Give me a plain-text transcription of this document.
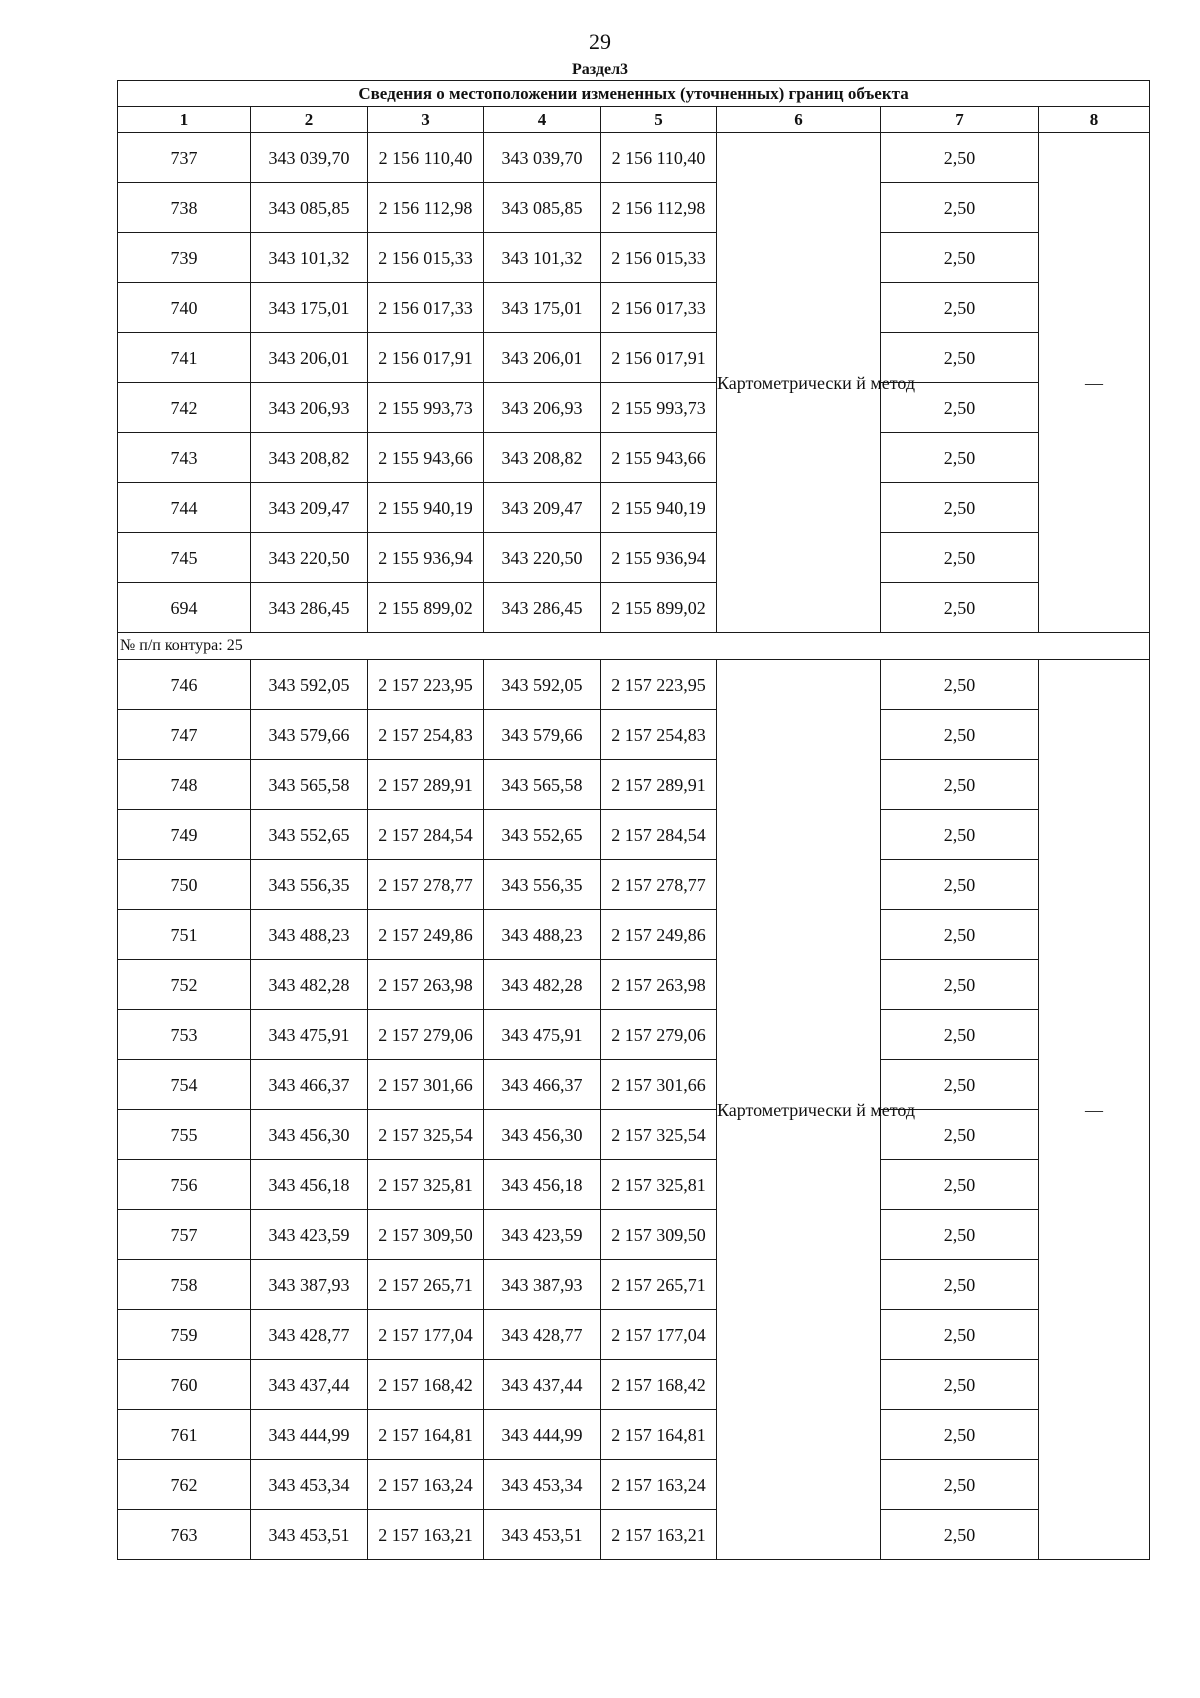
29
Раздел3
Сведения о местоположении измененных (уточненных) границ объекта							
1	2	3	4	5	6	7	8
737	343 039,70	2 156 110,40	343 039,70	2 156 110,40	Картометрически й метод	2,50	—
738	343 085,85	2 156 112,98	343 085,85	2 156 112,98		2,50	
739	343 101,32	2 156 015,33	343 101,32	2 156 015,33		2,50	
740	343 175,01	2 156 017,33	343 175,01	2 156 017,33		2,50	
741	343 206,01	2 156 017,91	343 206,01	2 156 017,91		2,50	
742	343 206,93	2 155 993,73	343 206,93	2 155 993,73		2,50	
743	343 208,82	2 155 943,66	343 208,82	2 155 943,66		2,50	
744	343 209,47	2 155 940,19	343 209,47	2 155 940,19		2,50	
745	343 220,50	2 155 936,94	343 220,50	2 155 936,94		2,50	
694	343 286,45	2 155 899,02	343 286,45	2 155 899,02		2,50	
№ п/п контура: 25							
746	343 592,05	2 157 223,95	343 592,05	2 157 223,95	Картометрически й метод	2,50	—
747	343 579,66	2 157 254,83	343 579,66	2 157 254,83		2,50	
748	343 565,58	2 157 289,91	343 565,58	2 157 289,91		2,50	
749	343 552,65	2 157 284,54	343 552,65	2 157 284,54		2,50	
750	343 556,35	2 157 278,77	343 556,35	2 157 278,77		2,50	
751	343 488,23	2 157 249,86	343 488,23	2 157 249,86		2,50	
752	343 482,28	2 157 263,98	343 482,28	2 157 263,98		2,50	
753	343 475,91	2 157 279,06	343 475,91	2 157 279,06		2,50	
754	343 466,37	2 157 301,66	343 466,37	2 157 301,66		2,50	
755	343 456,30	2 157 325,54	343 456,30	2 157 325,54		2,50	
756	343 456,18	2 157 325,81	343 456,18	2 157 325,81		2,50	
757	343 423,59	2 157 309,50	343 423,59	2 157 309,50		2,50	
758	343 387,93	2 157 265,71	343 387,93	2 157 265,71		2,50	
759	343 428,77	2 157 177,04	343 428,77	2 157 177,04		2,50	
760	343 437,44	2 157 168,42	343 437,44	2 157 168,42		2,50	
761	343 444,99	2 157 164,81	343 444,99	2 157 164,81		2,50	
762	343 453,34	2 157 163,24	343 453,34	2 157 163,24		2,50	
763	343 453,51	2 157 163,21	343 453,51	2 157 163,21		2,50	
